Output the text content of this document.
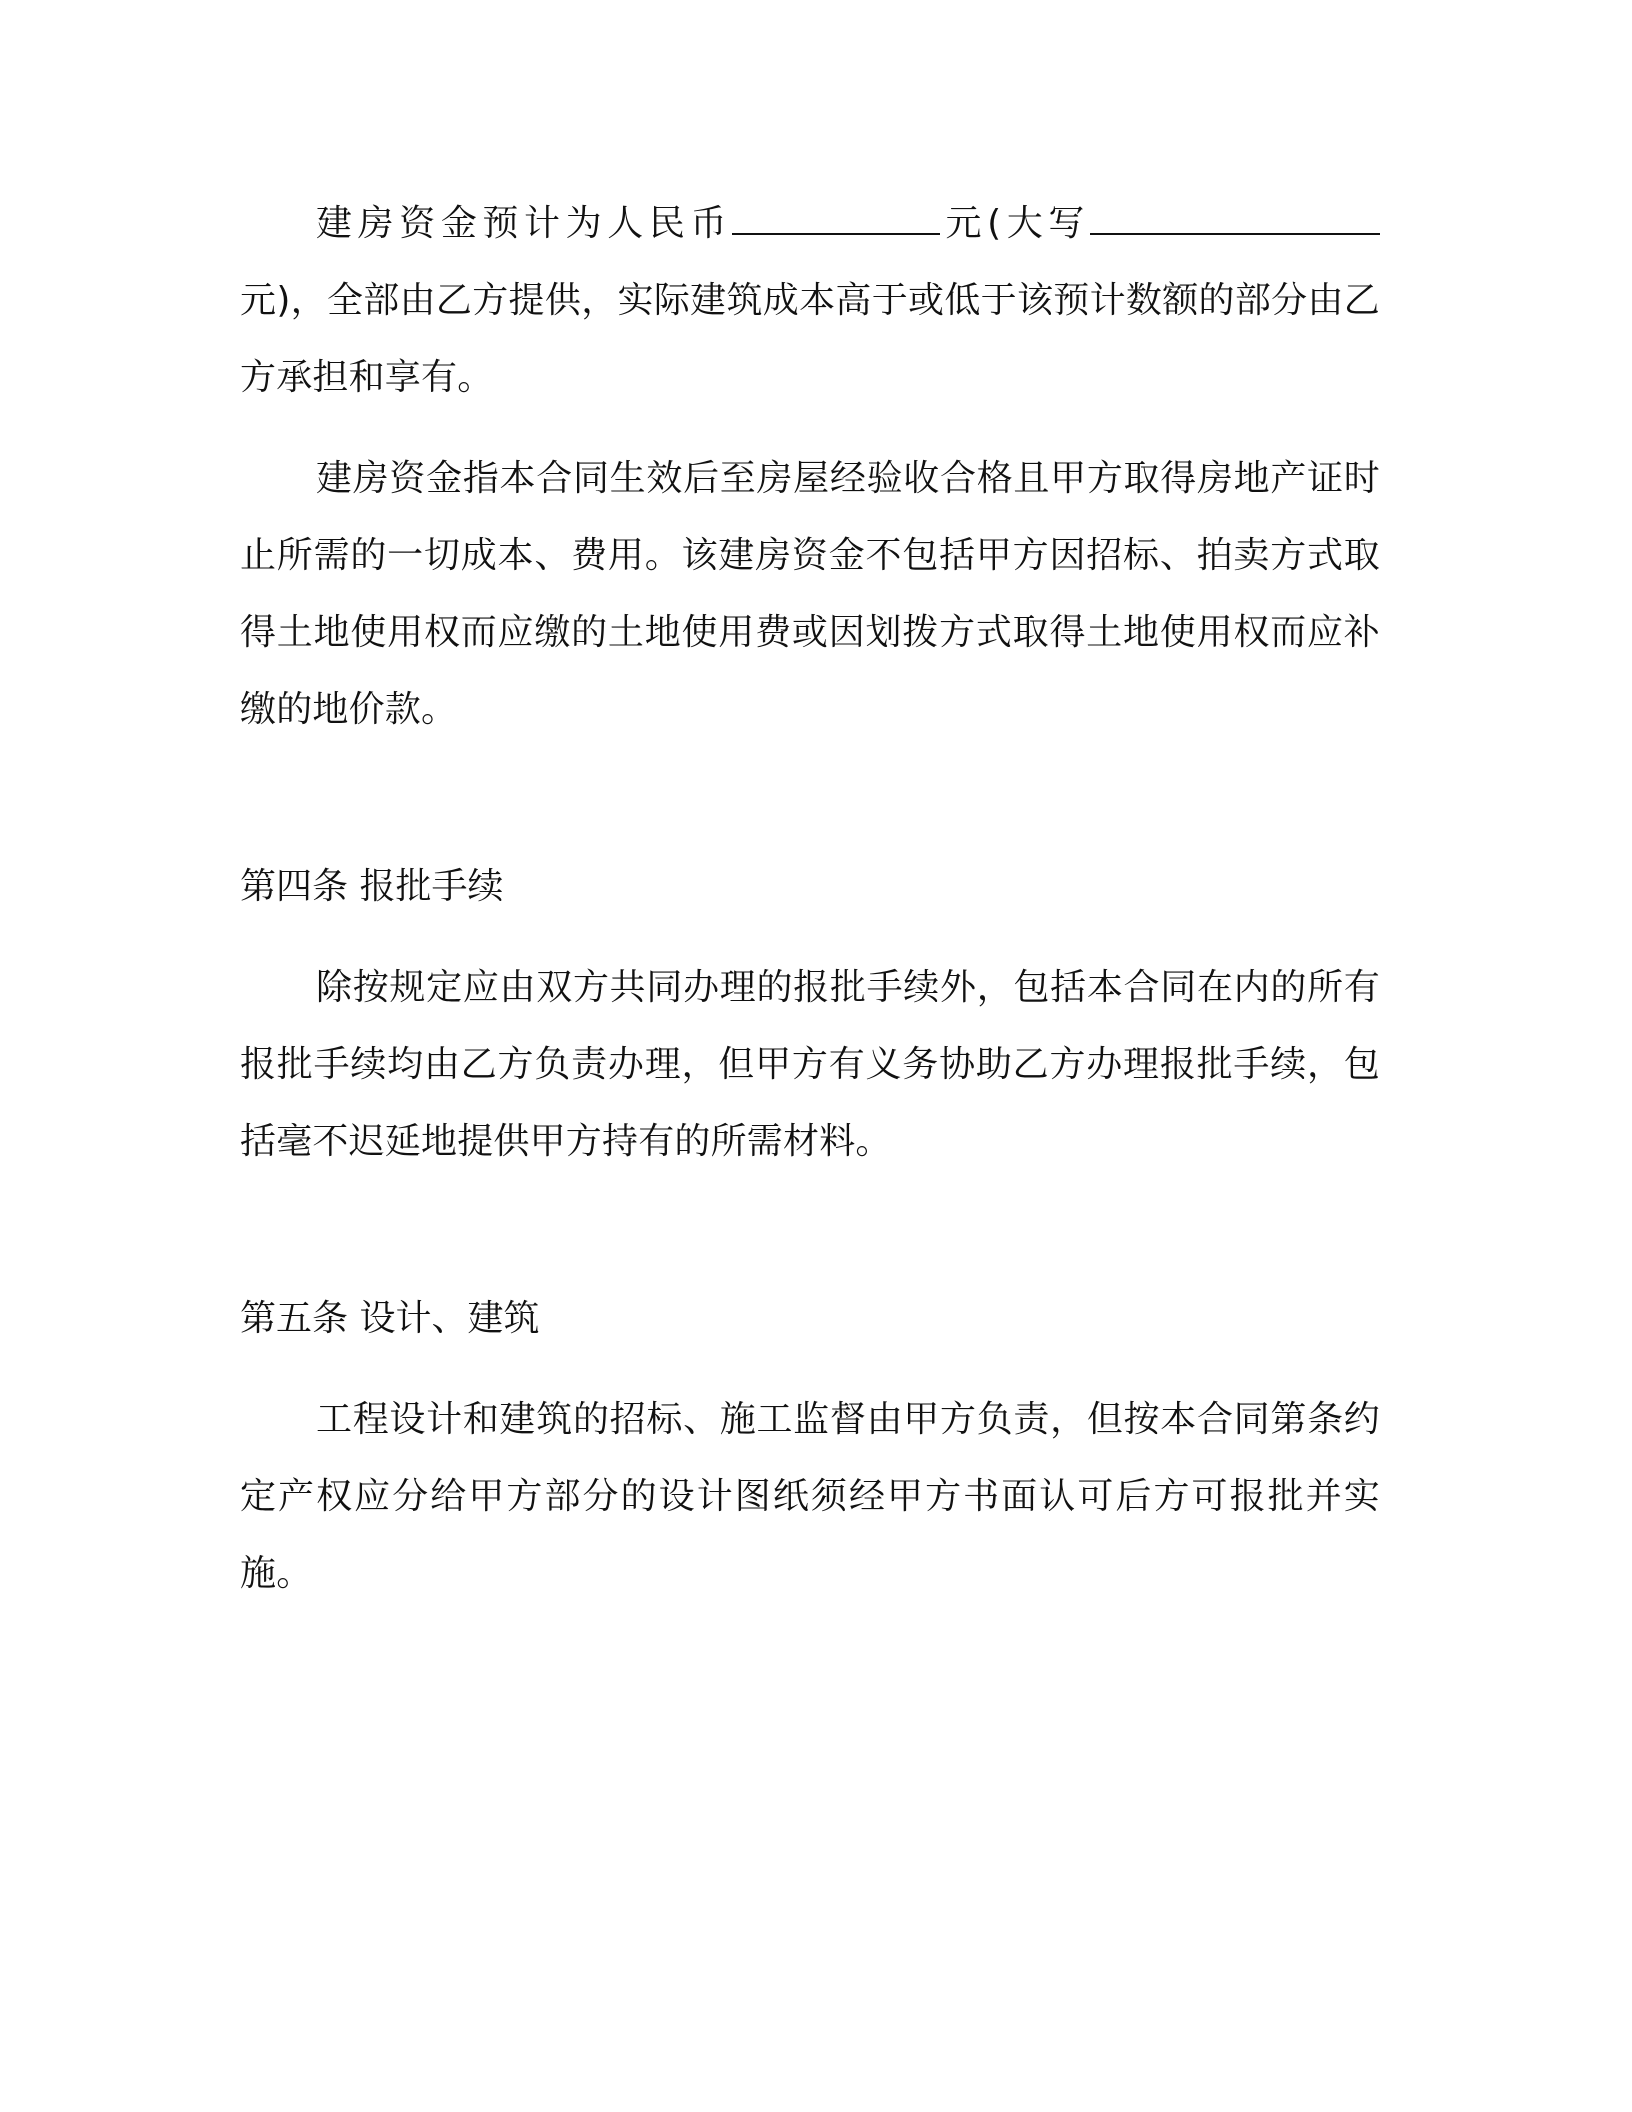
建房资金预计为人民币	元(大写元)，全部由乙方提供，实际建筑成本高于或低于该预计数额的部分由乙方承担和享有。

建房资金指本合同生效后至房屋经验收合格且甲方取得房地产证时止所需的一切成本、费用。该建房资金不包括甲方因招标、拍卖方式取得土地使用权而应缴的土地使用费或因划拨方式取得土地使用权而应补缴的地价款。

第四条 报批手续

除按规定应由双方共同办理的报批手续外，包括本合同在内的所有报批手续均由乙方负责办理，但甲方有义务协助乙方办理报批手续，包括毫不迟延地提供甲方持有的所需材料。

第五条 设计、建筑

工程设计和建筑的招标、施工监督由甲方负责，但按本合同第条约定产权应分给甲方部分的设计图纸须经甲方书面认可后方可报批并实施。
